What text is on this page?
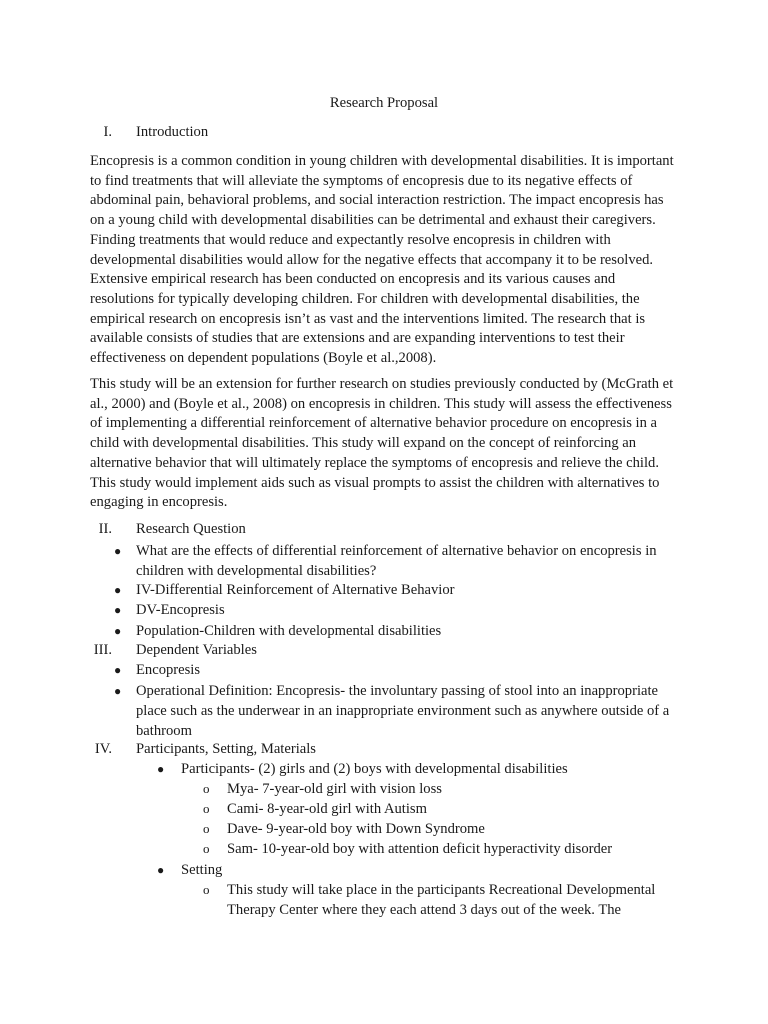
Research Proposal
I. Introduction

Encopresis is a common condition in young children with developmental disabilities. It is important to find treatments that will alleviate the symptoms of encopresis due to its negative effects of abdominal pain, behavioral problems, and social interaction restriction. The impact encopresis has on a young child with developmental disabilities can be detrimental and exhaust their caregivers. Finding treatments that would reduce and expectantly resolve encopresis in children with developmental disabilities would allow for the negative effects that accompany it to be resolved. Extensive empirical research has been conducted on encopresis and its various causes and resolutions for typically developing children. For children with developmental disabilities, the empirical research on encopresis isn’t as vast and the interventions limited. The research that is available consists of studies that are extensions and are expanding interventions to test their effectiveness on dependent populations (Boyle et al.,2008).

This study will be an extension for further research on studies previously conducted by (McGrath et al., 2000) and (Boyle et al., 2008) on encopresis in children. This study will assess the effectiveness of implementing a differential reinforcement of alternative behavior procedure on encopresis in a child with developmental disabilities. This study will expand on the concept of reinforcing an alternative behavior that will ultimately replace the symptoms of encopresis and relieve the child. This study would implement aids such as visual prompts to assist the children with alternatives to engaging in encopresis.

II. Research Question
● What are the effects of differential reinforcement of alternative behavior on encopresis in children with developmental disabilities?
● IV-Differential Reinforcement of Alternative Behavior
● DV-Encopresis
● Population-Children with developmental disabilities
III. Dependent Variables
● Encopresis
● Operational Definition: Encopresis- the involuntary passing of stool into an inappropriate place such as the underwear in an inappropriate environment such as anywhere outside of a bathroom
IV. Participants, Setting, Materials
● Participants- (2) girls and (2) boys with developmental disabilities
o Mya- 7-year-old girl with vision loss
o Cami- 8-year-old girl with Autism
o Dave- 9-year-old boy with Down Syndrome
o Sam- 10-year-old boy with attention deficit hyperactivity disorder
● Setting
o This study will take place in the participants Recreational Developmental Therapy Center where they each attend 3 days out of the week. The
